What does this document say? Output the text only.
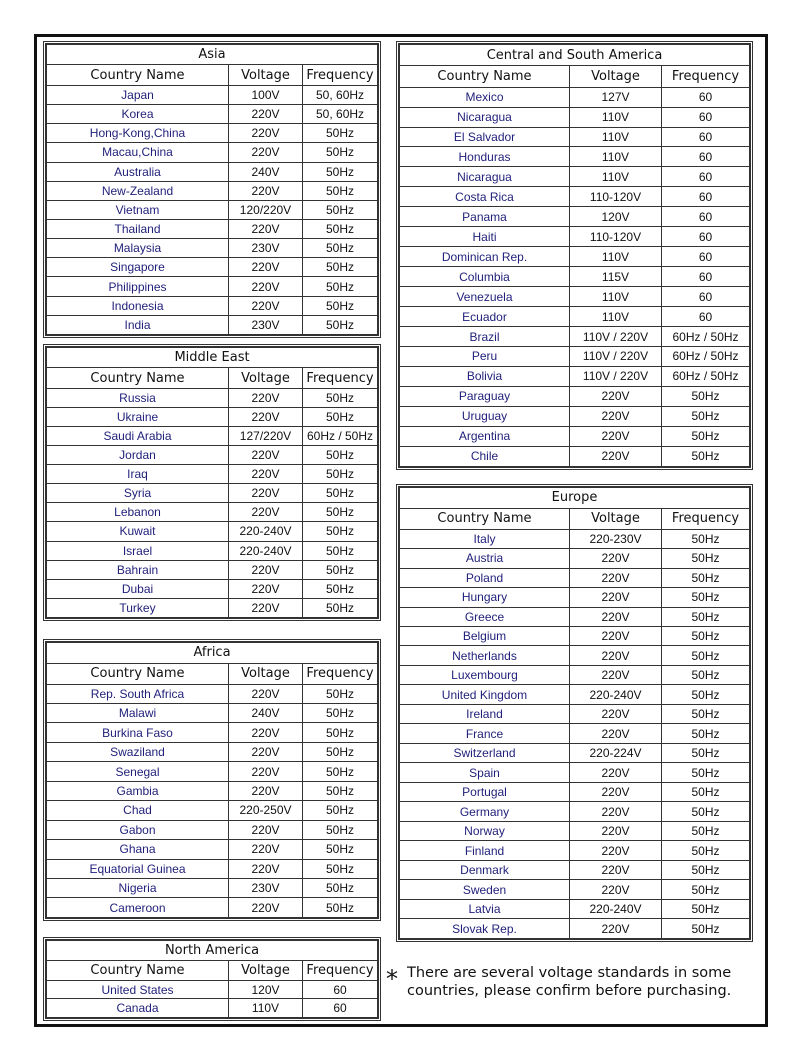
Asia		
Country Name	Voltage	Frequency
Japan	100V	50, 60Hz
Korea	220V	50, 60Hz
Hong-Kong,China	220V	50Hz
Macau,China	220V	50Hz
Australia	240V	50Hz
New-Zealand	220V	50Hz
Vietnam	120/220V	50Hz
Thailand	220V	50Hz
Malaysia	230V	50Hz
Singapore	220V	50Hz
Philippines	220V	50Hz
Indonesia	220V	50Hz
India	230V	50Hz
Middle East		
Country Name	Voltage	Frequency
Russia	220V	50Hz
Ukraine	220V	50Hz
Saudi Arabia	127/220V	60Hz / 50Hz
Jordan	220V	50Hz
Iraq	220V	50Hz
Syria	220V	50Hz
Lebanon	220V	50Hz
Kuwait	220-240V	50Hz
Israel	220-240V	50Hz
Bahrain	220V	50Hz
Dubai	220V	50Hz
Turkey	220V	50Hz
Africa		
Country Name	Voltage	Frequency
Rep. South Africa	220V	50Hz
Malawi	240V	50Hz
Burkina Faso	220V	50Hz
Swaziland	220V	50Hz
Senegal	220V	50Hz
Gambia	220V	50Hz
Chad	220-250V	50Hz
Gabon	220V	50Hz
Ghana	220V	50Hz
Equatorial Guinea	220V	50Hz
Nigeria	230V	50Hz
Cameroon	220V	50Hz
North America		
Country Name	Voltage	Frequency
United States	120V	60
Canada	110V	60
Central and South America		
Country Name	Voltage	Frequency
Mexico	127V	60
Nicaragua	110V	60
El Salvador	110V	60
Honduras	110V	60
Nicaragua	110V	60
Costa Rica	110-120V	60
Panama	120V	60
Haiti	110-120V	60
Dominican Rep.	110V	60
Columbia	115V	60
Venezuela	110V	60
Ecuador	110V	60
Brazil	110V / 220V	60Hz / 50Hz
Peru	110V / 220V	60Hz / 50Hz
Bolivia	110V / 220V	60Hz / 50Hz
Paraguay	220V	50Hz
Uruguay	220V	50Hz
Argentina	220V	50Hz
Chile	220V	50Hz
Europe		
Country Name	Voltage	Frequency
Italy	220-230V	50Hz
Austria	220V	50Hz
Poland	220V	50Hz
Hungary	220V	50Hz
Greece	220V	50Hz
Belgium	220V	50Hz
Netherlands	220V	50Hz
Luxembourg	220V	50Hz
United Kingdom	220-240V	50Hz
Ireland	220V	50Hz
France	220V	50Hz
Switzerland	220-224V	50Hz
Spain	220V	50Hz
Portugal	220V	50Hz
Germany	220V	50Hz
Norway	220V	50Hz
Finland	220V	50Hz
Denmark	220V	50Hz
Sweden	220V	50Hz
Latvia	220-240V	50Hz
Slovak Rep.	220V	50Hz
* There are several voltage standards in some countries, please confirm before purchasing.
